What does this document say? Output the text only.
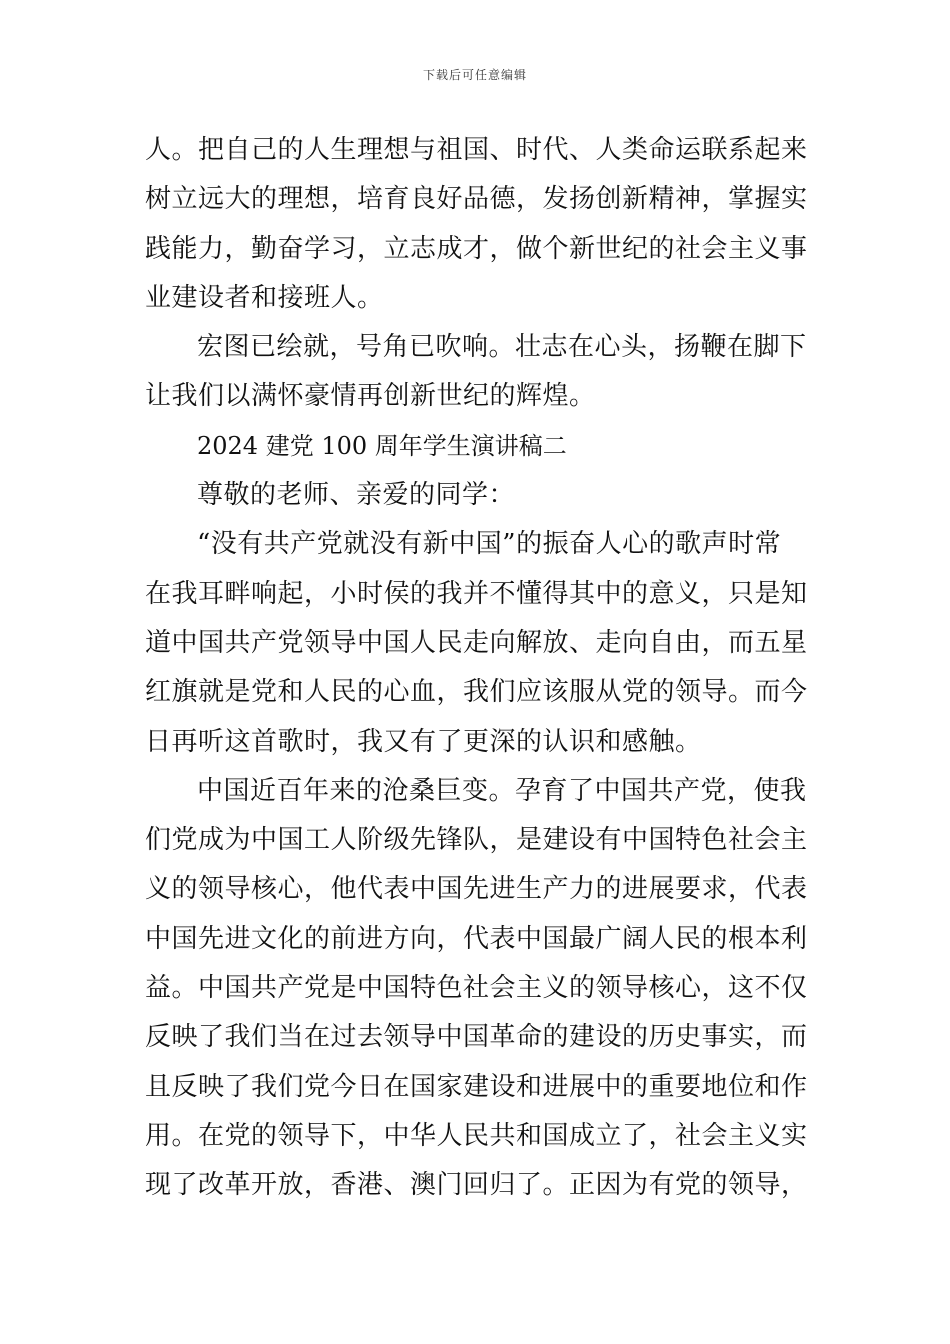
下载后可任意编辑
人。把自己的人生理想与祖国、时代、人类命运联系起来
树立远大的理想，培育良好品德，发扬创新精神，掌握实
践能力，勤奋学习，立志成才，做个新世纪的社会主义事
业建设者和接班人。
宏图已绘就，号角已吹响。壮志在心头，扬鞭在脚下
让我们以满怀豪情再创新世纪的辉煌。
2024 建党 100 周年学生演讲稿二
尊敬的老师、亲爱的同学：
“没有共产党就没有新中国”的振奋人心的歌声时常
在我耳畔响起，小时侯的我并不懂得其中的意义，只是知
道中国共产党领导中国人民走向解放、走向自由，而五星
红旗就是党和人民的心血，我们应该服从党的领导。而今
日再听这首歌时，我又有了更深的认识和感触。
中国近百年来的沧桑巨变。孕育了中国共产党，使我
们党成为中国工人阶级先锋队，是建设有中国特色社会主
义的领导核心，他代表中国先进生产力的进展要求，代表
中国先进文化的前进方向，代表中国最广阔人民的根本利
益。中国共产党是中国特色社会主义的领导核心，这不仅
反映了我们当在过去领导中国革命的建设的历史事实，而
且反映了我们党今日在国家建设和进展中的重要地位和作
用。在党的领导下，中华人民共和国成立了，社会主义实
现了改革开放，香港、澳门回归了。正因为有党的领导，
